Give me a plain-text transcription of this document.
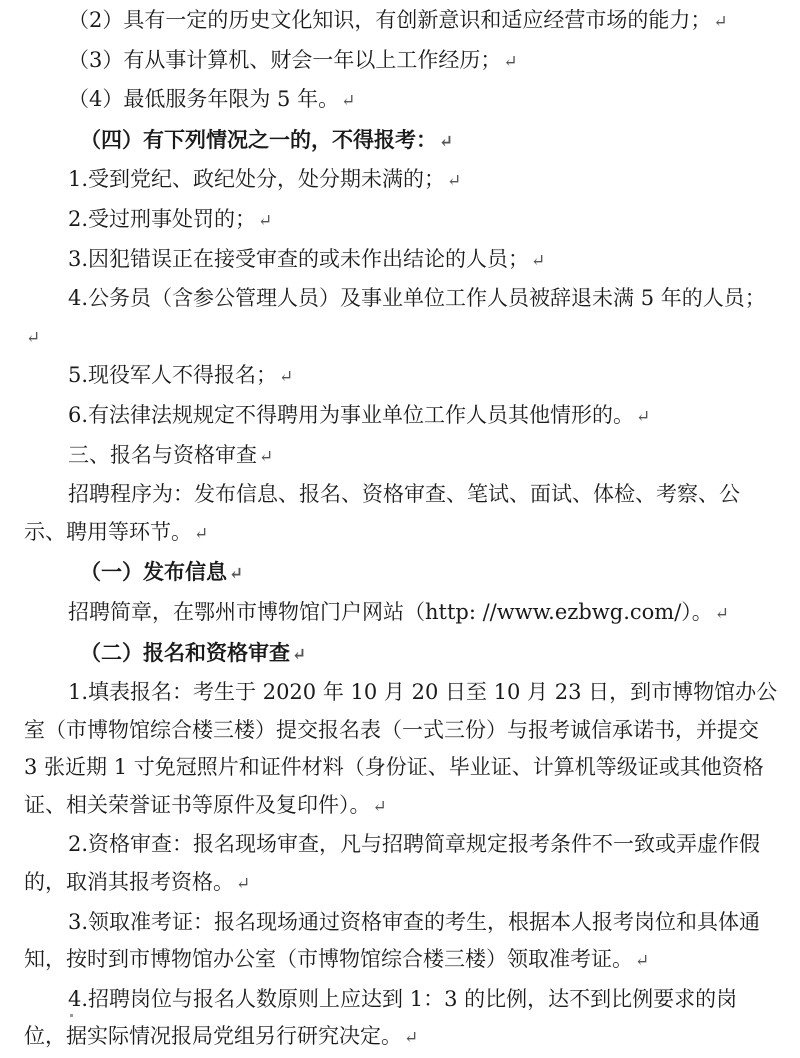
（2）具有一定的历史文化知识，有创新意识和适应经营市场的能力； ↵

（3）有从事计算机、财会一年以上工作经历； ↵

（4）最低服务年限为 5 年。 ↵

（四）有下列情况之一的，不得报考： ↵

1.受到党纪、政纪处分，处分期未满的； ↵

2.受过刑事处罚的； ↵

3.因犯错误正在接受审查的或未作出结论的人员； ↵

4.公务员（含参公管理人员）及事业单位工作人员被辞退未满 5 年的人员；↵

5.现役军人不得报名； ↵

6.有法律法规规定不得聘用为事业单位工作人员其他情形的。 ↵

三、报名与资格审查 ↵

招聘程序为：发布信息、报名、资格审查、笔试、面试、体检、考察、公示、聘用等环节。 ↵

（一）发布信息 ↵

招聘简章，在鄂州市博物馆门户网站（http: //www.ezbwg.com/）。 ↵

（二）报名和资格审查 ↵

1.填表报名：考生于 2020 年 10 月 20 日至 10 月 23 日，到市博物馆办公室（市博物馆综合楼三楼）提交报名表（一式三份）与报考诚信承诺书，并提交 3 张近期 1 寸免冠照片和证件材料（身份证、毕业证、计算机等级证或其他资格证、相关荣誉证书等原件及复印件）。 ↵

2.资格审查：报名现场审查，凡与招聘简章规定报考条件不一致或弄虚作假的，取消其报考资格。 ↵

3.领取准考证：报名现场通过资格审查的考生，根据本人报考岗位和具体通知，按时到市博物馆办公室（市博物馆综合楼三楼）领取准考证。 ↵

4.招聘岗位与报名人数原则上应达到 1：3 的比例，达不到比例要求的岗位，据实际情况报局党组另行研究决定。 ↵
